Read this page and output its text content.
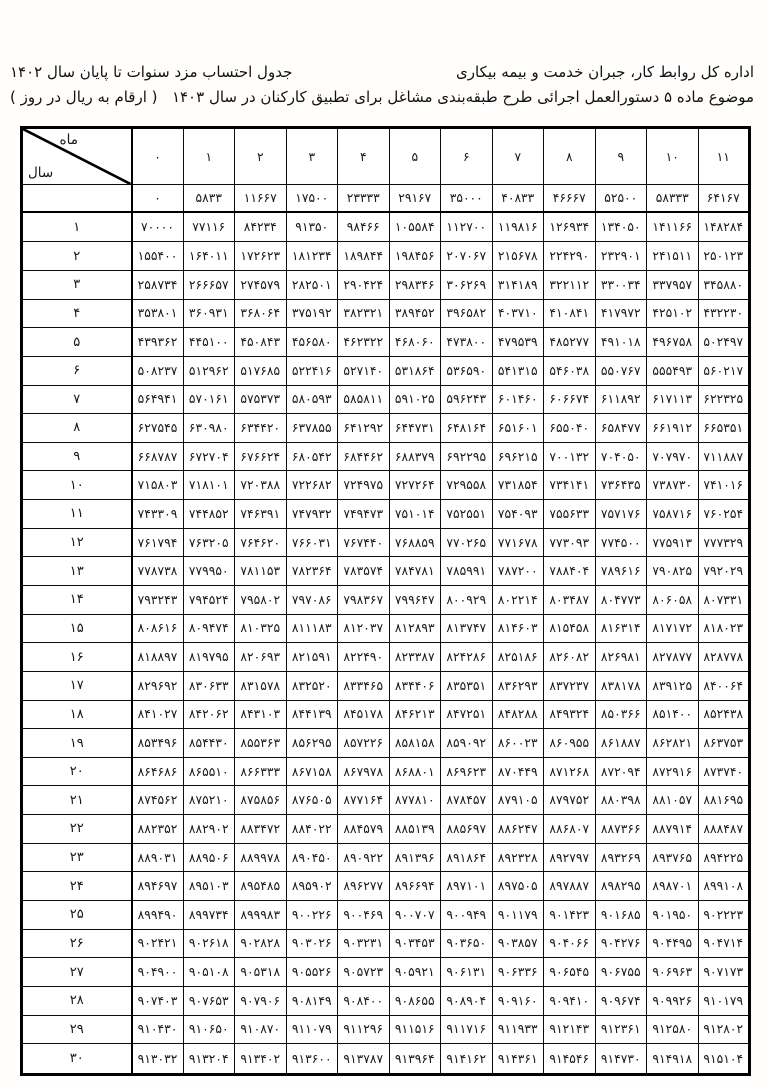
اداره کل روابط کار، جبران خدمت و بیمه بیکاری
جدول احتساب مزد سنوات تا پایان سال ۱۴۰۲
موضوع ماده ۵ دستورالعمل اجرائی طرح طبقه‌بندی مشاغل برای تطبیق کارکنان در سال ۱۴۰۳
( ارقام به ریال در روز )
ماه
سال	۰	۱	۲	۳	۴	۵	۶	۷	۸	۹	۱۰	۱۱
	۰	۵۸۳۳	۱۱۶۶۷	۱۷۵۰۰	۲۳۳۳۳	۲۹۱۶۷	۳۵۰۰۰	۴۰۸۳۳	۴۶۶۶۷	۵۲۵۰۰	۵۸۳۳۳	۶۴۱۶۷
۱	۷۰۰۰۰	۷۷۱۱۶	۸۴۲۳۴	۹۱۳۵۰	۹۸۴۶۶	۱۰۵۵۸۴	۱۱۲۷۰۰	۱۱۹۸۱۶	۱۲۶۹۳۴	۱۳۴۰۵۰	۱۴۱۱۶۶	۱۴۸۲۸۴
۲	۱۵۵۴۰۰	۱۶۴۰۱۱	۱۷۲۶۲۳	۱۸۱۲۳۴	۱۸۹۸۴۴	۱۹۸۴۵۶	۲۰۷۰۶۷	۲۱۵۶۷۸	۲۲۴۲۹۰	۲۳۲۹۰۱	۲۴۱۵۱۱	۲۵۰۱۲۳
۳	۲۵۸۷۳۴	۲۶۶۶۵۷	۲۷۴۵۷۹	۲۸۲۵۰۱	۲۹۰۴۲۴	۲۹۸۳۴۶	۳۰۶۲۶۹	۳۱۴۱۸۹	۳۲۲۱۱۲	۳۳۰۰۳۴	۳۳۷۹۵۷	۳۴۵۸۸۰
۴	۳۵۳۸۰۱	۳۶۰۹۳۱	۳۶۸۰۶۴	۳۷۵۱۹۲	۳۸۲۳۲۱	۳۸۹۴۵۲	۳۹۶۵۸۲	۴۰۳۷۱۰	۴۱۰۸۴۱	۴۱۷۹۷۲	۴۲۵۱۰۲	۴۳۲۲۳۰
۵	۴۳۹۳۶۲	۴۴۵۱۰۰	۴۵۰۸۴۳	۴۵۶۵۸۰	۴۶۲۳۲۲	۴۶۸۰۶۰	۴۷۳۸۰۰	۴۷۹۵۳۹	۴۸۵۲۷۷	۴۹۱۰۱۸	۴۹۶۷۵۸	۵۰۲۴۹۷
۶	۵۰۸۲۳۷	۵۱۲۹۶۲	۵۱۷۶۸۵	۵۲۲۴۱۶	۵۲۷۱۴۰	۵۳۱۸۶۴	۵۳۶۵۹۰	۵۴۱۳۱۵	۵۴۶۰۳۸	۵۵۰۷۶۷	۵۵۵۴۹۳	۵۶۰۲۱۷
۷	۵۶۴۹۴۱	۵۷۰۱۶۱	۵۷۵۳۷۳	۵۸۰۵۹۳	۵۸۵۸۱۱	۵۹۱۰۲۵	۵۹۶۲۴۳	۶۰۱۴۶۰	۶۰۶۶۷۴	۶۱۱۸۹۲	۶۱۷۱۱۳	۶۲۲۳۲۵
۸	۶۲۷۵۴۵	۶۳۰۹۸۰	۶۳۴۴۲۰	۶۳۷۸۵۵	۶۴۱۲۹۲	۶۴۴۷۳۱	۶۴۸۱۶۴	۶۵۱۶۰۱	۶۵۵۰۴۰	۶۵۸۴۷۷	۶۶۱۹۱۲	۶۶۵۳۵۱
۹	۶۶۸۷۸۷	۶۷۲۷۰۴	۶۷۶۶۲۴	۶۸۰۵۴۲	۶۸۴۴۶۲	۶۸۸۳۷۹	۶۹۲۲۹۵	۶۹۶۲۱۵	۷۰۰۱۳۲	۷۰۴۰۵۰	۷۰۷۹۷۰	۷۱۱۸۸۷
۱۰	۷۱۵۸۰۳	۷۱۸۱۰۱	۷۲۰۳۸۸	۷۲۲۶۸۲	۷۲۴۹۷۵	۷۲۷۲۶۴	۷۲۹۵۵۸	۷۳۱۸۵۴	۷۳۴۱۴۱	۷۳۶۴۳۵	۷۳۸۷۳۰	۷۴۱۰۱۶
۱۱	۷۴۳۳۰۹	۷۴۴۸۵۲	۷۴۶۳۹۱	۷۴۷۹۳۲	۷۴۹۴۷۳	۷۵۱۰۱۴	۷۵۲۵۵۱	۷۵۴۰۹۳	۷۵۵۶۳۳	۷۵۷۱۷۶	۷۵۸۷۱۶	۷۶۰۲۵۴
۱۲	۷۶۱۷۹۴	۷۶۳۲۰۵	۷۶۴۶۲۰	۷۶۶۰۳۱	۷۶۷۴۴۰	۷۶۸۸۵۹	۷۷۰۲۶۵	۷۷۱۶۷۸	۷۷۳۰۹۳	۷۷۴۵۰۰	۷۷۵۹۱۳	۷۷۷۳۲۹
۱۳	۷۷۸۷۳۸	۷۷۹۹۵۰	۷۸۱۱۵۳	۷۸۲۳۶۴	۷۸۳۵۷۴	۷۸۴۷۸۱	۷۸۵۹۹۱	۷۸۷۲۰۰	۷۸۸۴۰۴	۷۸۹۶۱۶	۷۹۰۸۲۵	۷۹۲۰۲۹
۱۴	۷۹۳۲۴۳	۷۹۴۵۲۴	۷۹۵۸۰۲	۷۹۷۰۸۶	۷۹۸۳۶۷	۷۹۹۶۴۷	۸۰۰۹۲۹	۸۰۲۲۱۴	۸۰۳۴۸۷	۸۰۴۷۷۳	۸۰۶۰۵۸	۸۰۷۳۳۱
۱۵	۸۰۸۶۱۶	۸۰۹۴۷۴	۸۱۰۳۲۵	۸۱۱۱۸۳	۸۱۲۰۳۷	۸۱۲۸۹۳	۸۱۳۷۴۷	۸۱۴۶۰۳	۸۱۵۴۵۸	۸۱۶۳۱۴	۸۱۷۱۷۲	۸۱۸۰۲۳
۱۶	۸۱۸۸۹۷	۸۱۹۷۹۵	۸۲۰۶۹۳	۸۲۱۵۹۱	۸۲۲۴۹۰	۸۲۳۳۸۷	۸۲۴۲۸۶	۸۲۵۱۸۶	۸۲۶۰۸۲	۸۲۶۹۸۱	۸۲۷۸۷۷	۸۲۸۷۷۸
۱۷	۸۲۹۶۹۲	۸۳۰۶۳۳	۸۳۱۵۷۸	۸۳۲۵۲۰	۸۳۳۴۶۵	۸۳۴۴۰۶	۸۳۵۳۵۱	۸۳۶۲۹۳	۸۳۷۲۳۷	۸۳۸۱۷۸	۸۳۹۱۲۵	۸۴۰۰۶۴
۱۸	۸۴۱۰۲۷	۸۴۲۰۶۲	۸۴۳۱۰۳	۸۴۴۱۳۹	۸۴۵۱۷۸	۸۴۶۲۱۳	۸۴۷۲۵۱	۸۴۸۲۸۸	۸۴۹۳۲۴	۸۵۰۳۶۶	۸۵۱۴۰۰	۸۵۲۴۳۸
۱۹	۸۵۳۴۹۶	۸۵۴۴۳۰	۸۵۵۳۶۳	۸۵۶۲۹۵	۸۵۷۲۲۶	۸۵۸۱۵۸	۸۵۹۰۹۲	۸۶۰۰۲۳	۸۶۰۹۵۵	۸۶۱۸۸۷	۸۶۲۸۲۱	۸۶۳۷۵۳
۲۰	۸۶۴۶۸۶	۸۶۵۵۱۰	۸۶۶۳۳۳	۸۶۷۱۵۸	۸۶۷۹۷۸	۸۶۸۸۰۱	۸۶۹۶۲۳	۸۷۰۴۴۹	۸۷۱۲۶۸	۸۷۲۰۹۴	۸۷۲۹۱۶	۸۷۳۷۴۰
۲۱	۸۷۴۵۶۲	۸۷۵۲۱۰	۸۷۵۸۵۶	۸۷۶۵۰۵	۸۷۷۱۶۴	۸۷۷۸۱۰	۸۷۸۴۵۷	۸۷۹۱۰۵	۸۷۹۷۵۲	۸۸۰۳۹۸	۸۸۱۰۵۷	۸۸۱۶۹۵
۲۲	۸۸۲۳۵۲	۸۸۲۹۰۲	۸۸۳۴۷۲	۸۸۴۰۲۲	۸۸۴۵۷۹	۸۸۵۱۳۹	۸۸۵۶۹۷	۸۸۶۲۴۷	۸۸۶۸۰۷	۸۸۷۳۶۶	۸۸۷۹۱۴	۸۸۸۴۸۷
۲۳	۸۸۹۰۳۱	۸۸۹۵۰۶	۸۸۹۹۷۸	۸۹۰۴۵۰	۸۹۰۹۲۲	۸۹۱۳۹۶	۸۹۱۸۶۴	۸۹۲۳۲۸	۸۹۲۷۹۷	۸۹۳۲۶۹	۸۹۳۷۶۵	۸۹۴۲۲۵
۲۴	۸۹۴۶۹۷	۸۹۵۱۰۳	۸۹۵۴۸۵	۸۹۵۹۰۲	۸۹۶۲۷۷	۸۹۶۶۹۴	۸۹۷۱۰۱	۸۹۷۵۰۵	۸۹۷۸۸۷	۸۹۸۲۹۵	۸۹۸۷۰۱	۸۹۹۱۰۸
۲۵	۸۹۹۴۹۰	۸۹۹۷۳۴	۸۹۹۹۸۳	۹۰۰۲۲۶	۹۰۰۴۶۹	۹۰۰۷۰۷	۹۰۰۹۴۹	۹۰۱۱۷۹	۹۰۱۴۲۳	۹۰۱۶۸۵	۹۰۱۹۵۰	۹۰۲۲۲۳
۲۶	۹۰۲۴۲۱	۹۰۲۶۱۸	۹۰۲۸۲۸	۹۰۳۰۲۶	۹۰۳۲۳۱	۹۰۳۴۵۳	۹۰۳۶۵۰	۹۰۳۸۵۷	۹۰۴۰۶۶	۹۰۴۲۷۶	۹۰۴۴۹۵	۹۰۴۷۱۴
۲۷	۹۰۴۹۰۰	۹۰۵۱۰۸	۹۰۵۳۱۸	۹۰۵۵۲۶	۹۰۵۷۲۳	۹۰۵۹۲۱	۹۰۶۱۳۱	۹۰۶۳۳۶	۹۰۶۵۴۵	۹۰۶۷۵۵	۹۰۶۹۶۳	۹۰۷۱۷۳
۲۸	۹۰۷۴۰۳	۹۰۷۶۵۳	۹۰۷۹۰۶	۹۰۸۱۴۹	۹۰۸۴۰۰	۹۰۸۶۵۵	۹۰۸۹۰۴	۹۰۹۱۶۰	۹۰۹۴۱۰	۹۰۹۶۷۴	۹۰۹۹۲۶	۹۱۰۱۷۹
۲۹	۹۱۰۴۳۰	۹۱۰۶۵۰	۹۱۰۸۷۰	۹۱۱۰۷۹	۹۱۱۲۹۶	۹۱۱۵۱۶	۹۱۱۷۱۶	۹۱۱۹۳۳	۹۱۲۱۴۳	۹۱۲۳۶۱	۹۱۲۵۸۰	۹۱۲۸۰۲
۳۰	۹۱۳۰۳۲	۹۱۳۲۰۴	۹۱۳۴۰۲	۹۱۳۶۰۰	۹۱۳۷۸۷	۹۱۳۹۶۴	۹۱۴۱۶۲	۹۱۴۳۶۱	۹۱۴۵۴۶	۹۱۴۷۳۰	۹۱۴۹۱۸	۹۱۵۱۰۴
